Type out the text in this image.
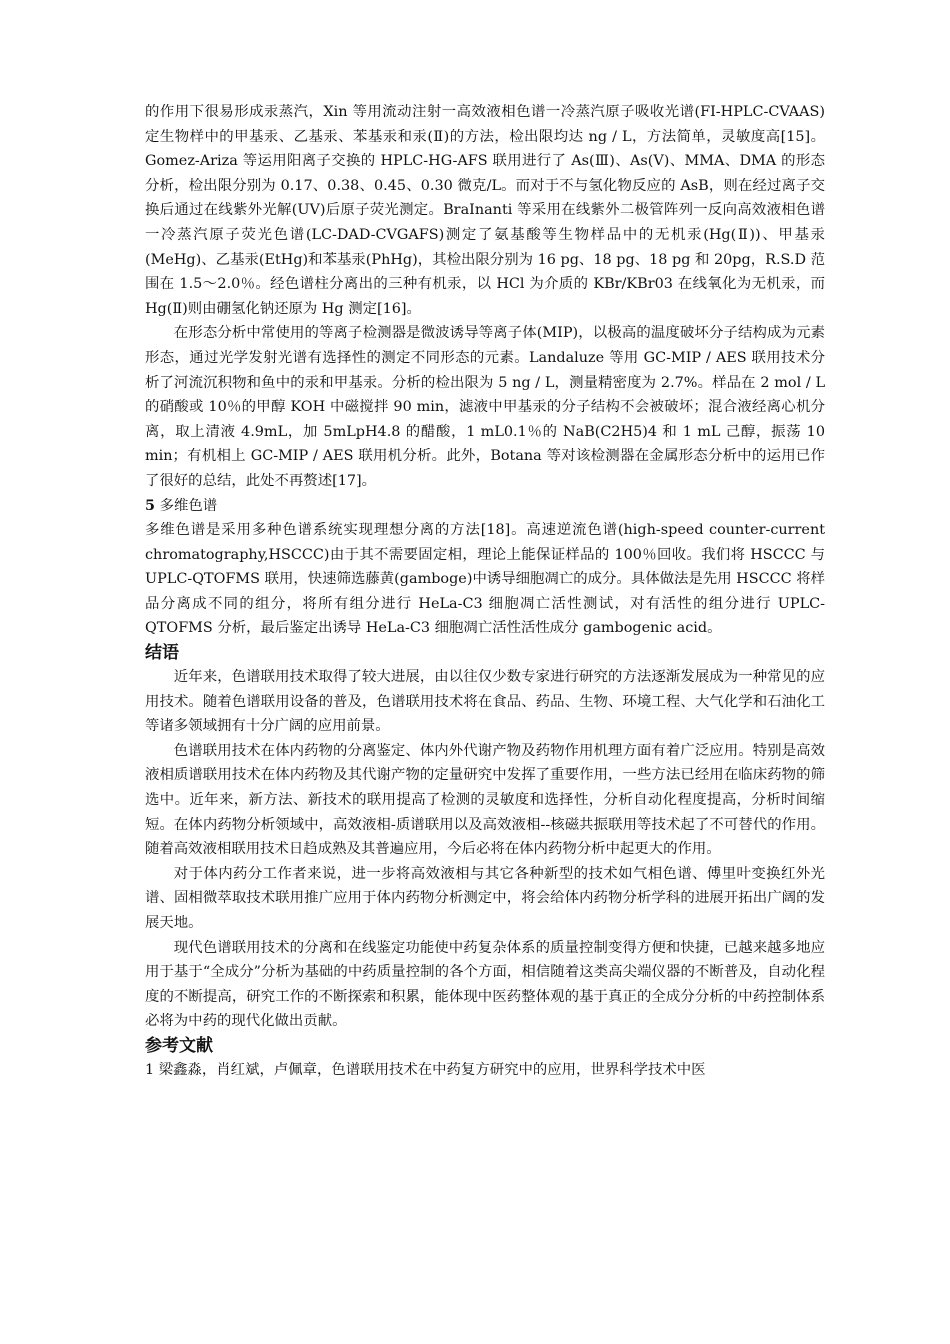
的作用下很易形成汞蒸汽，Xin 等用流动注射一高效液相色谱一冷蒸汽原子吸收光谱(FI-HPLC-CVAAS) 定生物样中的甲基汞、乙基汞、苯基汞和汞(Ⅱ)的方法，检出限均达 ng / L，方法简单，灵敏度高[15]。Gomez-Ariza 等运用阳离子交换的 HPLC-HG-AFS 联用进行了 As(Ⅲ)、As(V)、MMA、DMA 的形态分析，检出限分别为 0.17、0.38、0.45、0.30 微克/L。而对于不与氢化物反应的 AsB，则在经过离子交换后通过在线紫外光解(UV)后原子荧光测定。BraInanti 等采用在线紫外二极管阵列一反向高效液相色谱一冷蒸汽原子荧光色谱(LC-DAD-CVGAFS)测定了氨基酸等生物样品中的无机汞(Hg(Ⅱ))、甲基汞(MeHg)、乙基汞(EtHg)和苯基汞(PhHg)，其检出限分别为 16 pg、18 pg、18 pg 和 20pg，R.S.D 范围在 1.5～2.0％。经色谱柱分离出的三种有机汞，以 HCl 为介质的 KBr/KBr03 在线氧化为无机汞，而 Hg(Ⅱ)则由硼氢化钠还原为 Hg 测定[16]。

在形态分析中常使用的等离子检测器是微波诱导等离子体(MIP)，以极高的温度破坏分子结构成为元素形态，通过光学发射光谱有选择性的测定不同形态的元素。Landaluze 等用 GC-MIP / AES 联用技术分析了河流沉积物和鱼中的汞和甲基汞。分析的检出限为 5 ng / L，测量精密度为 2.7%。样品在 2 mol / L 的硝酸或 10％的甲醇 KOH 中磁搅拌 90 min，滤液中甲基汞的分子结构不会被破坏；混合液经离心机分离，取上清液 4.9mL，加 5mLpH4.8 的醋酸，1 mL0.1％的 NaB(C2H5)4 和 1 mL 己醇，振荡 10 min；有机相上 GC-MIP / AES 联用机分析。此外，Botana 等对该检测器在金属形态分析中的运用已作了很好的总结，此处不再赘述[17]。

5 多维色谱

多维色谱是采用多种色谱系统实现理想分离的方法[18]。高速逆流色谱(high-speed counter-current chromatography,HSCCC)由于其不需要固定相，理论上能保证样品的 100％回收。我们将 HSCCC 与 UPLC-QTOFMS 联用，快速筛选藤黄(gamboge)中诱导细胞凋亡的成分。具体做法是先用 HSCCC 将样品分离成不同的组分，将所有组分进行 HeLa-C3 细胞凋亡活性测试，对有活性的组分进行 UPLC-QTOFMS 分析，最后鉴定出诱导 HeLa-C3 细胞凋亡活性活性成分 gambogenic acid。

结语

近年来，色谱联用技术取得了较大进展，由以往仅少数专家进行研究的方法逐渐发展成为一种常见的应用技术。随着色谱联用设备的普及，色谱联用技术将在食品、药品、生物、环境工程、大气化学和石油化工等诸多领域拥有十分广阔的应用前景。

色谱联用技术在体内药物的分离鉴定、体内外代谢产物及药物作用机理方面有着广泛应用。特别是高效液相质谱联用技术在体内药物及其代谢产物的定量研究中发挥了重要作用，一些方法已经用在临床药物的筛选中。近年来，新方法、新技术的联用提高了检测的灵敏度和选择性，分析自动化程度提高，分析时间缩短。在体内药物分析领域中，高效液相-质谱联用以及高效液相--核磁共振联用等技术起了不可替代的作用。随着高效液相联用技术日趋成熟及其普遍应用，今后必将在体内药物分析中起更大的作用。

对于体内药分工作者来说，进一步将高效液相与其它各种新型的技术如气相色谱、傅里叶变换红外光谱、固相微萃取技术联用推广应用于体内药物分析测定中，将会给体内药物分析学科的进展开拓出广阔的发展天地。

现代色谱联用技术的分离和在线鉴定功能使中药复杂体系的质量控制变得方便和快捷，已越来越多地应用于基于“全成分”分析为基础的中药质量控制的各个方面，相信随着这类高尖端仪器的不断普及，自动化程度的不断提高，研究工作的不断探索和积累，能体现中医药整体观的基于真正的全成分分析的中药控制体系必将为中药的现代化做出贡献。

参考文献

1 梁鑫淼，肖红斌，卢佩章，色谱联用技术在中药复方研究中的应用，世界科学技术中医
